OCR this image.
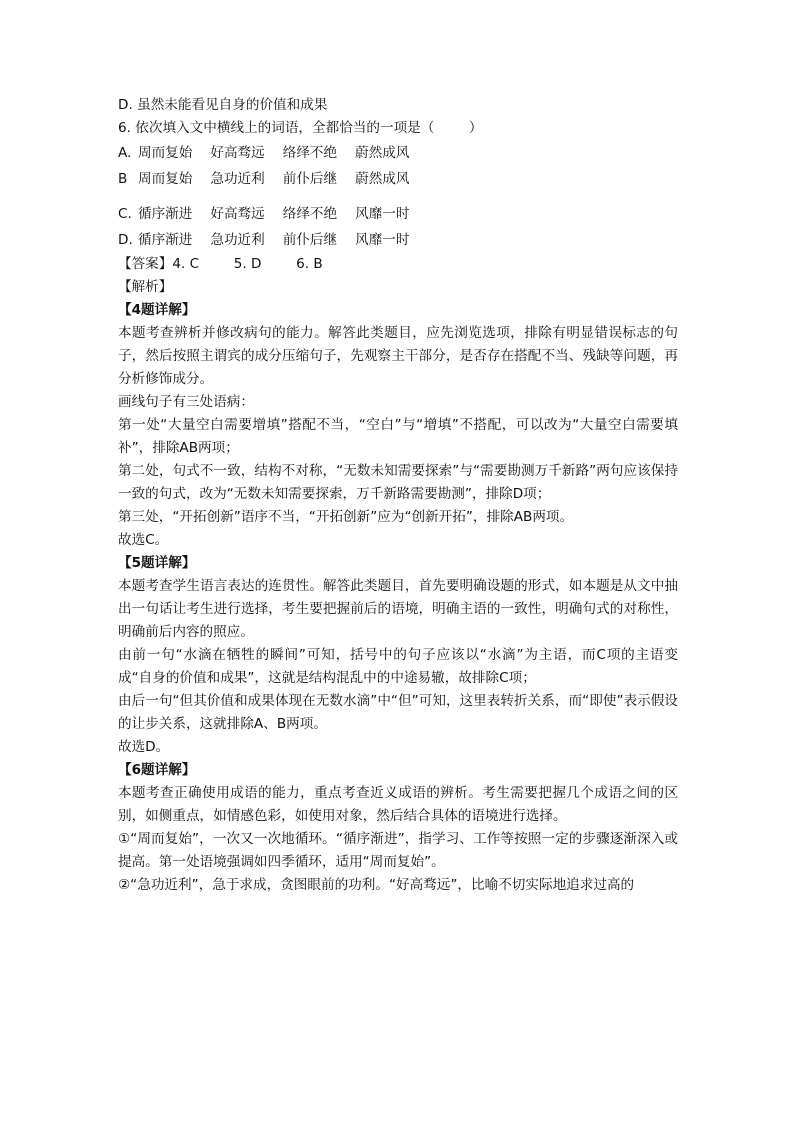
D. 虽然未能看见自身的价值和成果
6. 依次填入文中横线上的词语，全都恰当的一项是（        ）
A. 周而复始 好高骛远 络绎不绝 蔚然成风
B 周而复始 急功近利 前仆后继 蔚然成风
C. 循序渐进 好高骛远 络绎不绝 风靡一时
D. 循序渐进 急功近利 前仆后继 风靡一时
【答案】4. C	5. D	6. B
【解析】
【4题详解】

本题考查辨析并修改病句的能力。解答此类题目，应先浏览选项，排除有明显错误标志的句子，然后按照主谓宾的成分压缩句子，先观察主干部分，是否存在搭配不当、残缺等问题，再分析修饰成分。

画线句子有三处语病：

第一处“大量空白需要增填”搭配不当，“空白”与“增填”不搭配，可以改为“大量空白需要填补”，排除AB两项；

第二处，句式不一致，结构不对称，“无数未知需要探索”与“需要勘测万千新路”两句应该保持一致的句式，改为“无数未知需要探索，万千新路需要勘测”，排除D项；

第三处，“开拓创新”语序不当，“开拓创新”应为“创新开拓”，排除AB两项。

故选C。

【5题详解】

本题考查学生语言表达的连贯性。解答此类题目，首先要明确设题的形式，如本题是从文中抽出一句话让考生进行选择，考生要把握前后的语境，明确主语的一致性，明确句式的对称性，明确前后内容的照应。

由前一句“水滴在牺牲的瞬间”可知，括号中的句子应该以“水滴”为主语，而C项的主语变成“自身的价值和成果”，这就是结构混乱中的中途易辙，故排除C项；

由后一句“但其价值和成果体现在无数水滴”中“但”可知，这里表转折关系，而“即使”表示假设的让步关系，这就排除A、B两项。

故选D。

【6题详解】

本题考查正确使用成语的能力，重点考查近义成语的辨析。考生需要把握几个成语之间的区别，如侧重点，如情感色彩，如使用对象，然后结合具体的语境进行选择。

①“周而复始”，一次又一次地循环。“循序渐进”，指学习、工作等按照一定的步骤逐渐深入或提高。第一处语境强调如四季循环，适用“周而复始”。

②“急功近利”，急于求成，贪图眼前的功利。“好高骛远”，比喻不切实际地追求过高的
